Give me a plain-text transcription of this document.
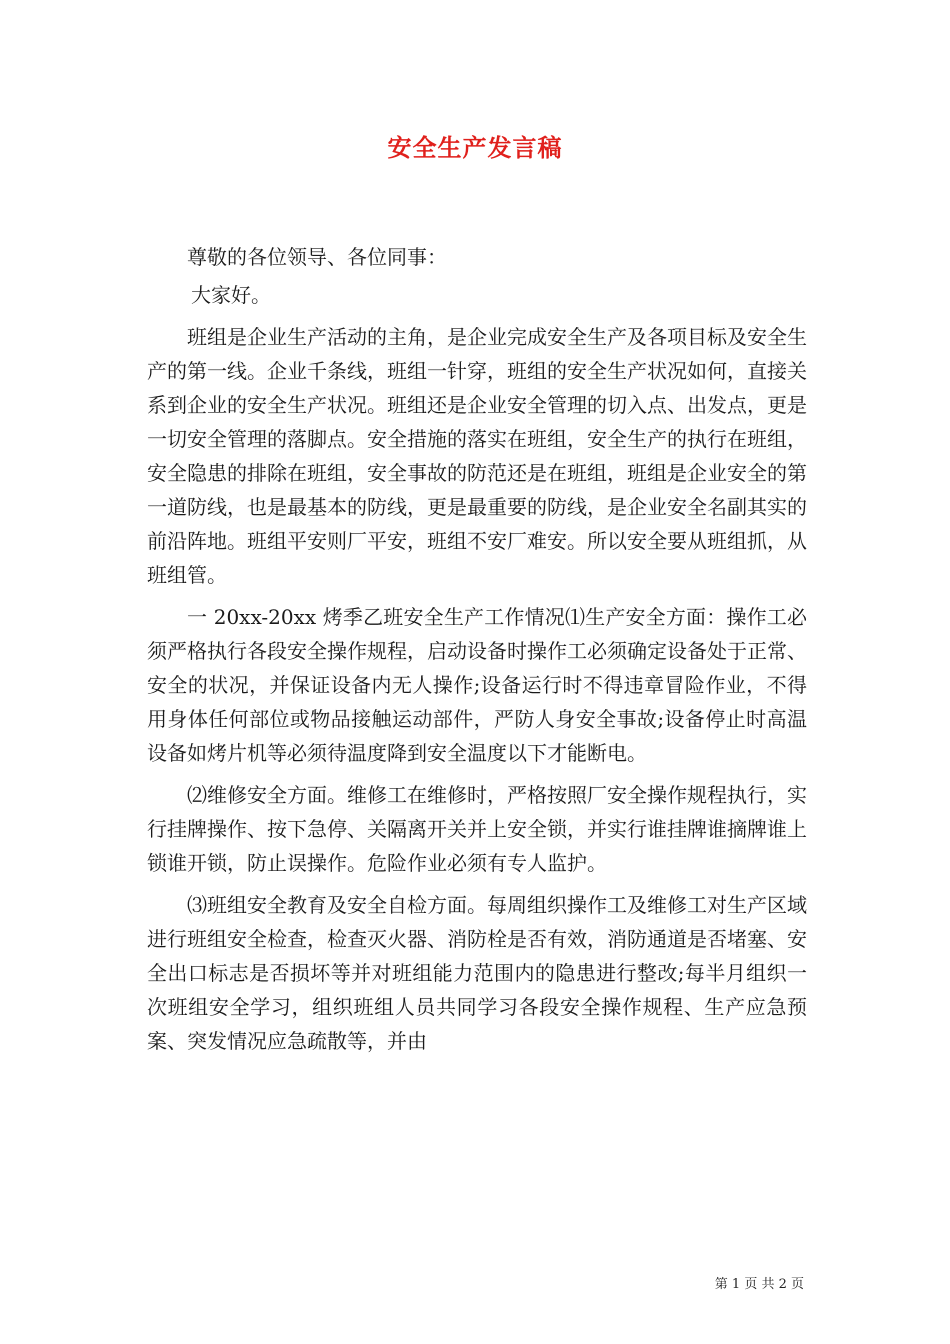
安全生产发言稿

尊敬的各位领导、各位同事：

大家好。

班组是企业生产活动的主角，是企业完成安全生产及各项目标及安全生产的第一线。企业千条线，班组一针穿，班组的安全生产状况如何，直接关系到企业的安全生产状况。班组还是企业安全管理的切入点、出发点，更是一切安全管理的落脚点。安全措施的落实在班组，安全生产的执行在班组，安全隐患的排除在班组，安全事故的防范还是在班组，班组是企业安全的第一道防线，也是最基本的防线，更是最重要的防线，是企业安全名副其实的前沿阵地。班组平安则厂平安，班组不安厂难安。所以安全要从班组抓，从班组管。

一 20xx-20xx 烤季乙班安全生产工作情况⑴生产安全方面：操作工必须严格执行各段安全操作规程，启动设备时操作工必须确定设备处于正常、安全的状况，并保证设备内无人操作;设备运行时不得违章冒险作业，不得用身体任何部位或物品接触运动部件，严防人身安全事故;设备停止时高温设备如烤片机等必须待温度降到安全温度以下才能断电。

⑵维修安全方面。维修工在维修时，严格按照厂安全操作规程执行，实行挂牌操作、按下急停、关隔离开关并上安全锁，并实行谁挂牌谁摘牌谁上锁谁开锁，防止误操作。危险作业必须有专人监护。

⑶班组安全教育及安全自检方面。每周组织操作工及维修工对生产区域进行班组安全检查，检查灭火器、消防栓是否有效，消防通道是否堵塞、安全出口标志是否损坏等并对班组能力范围内的隐患进行整改;每半月组织一次班组安全学习，组织班组人员共同学习各段安全操作规程、生产应急预案、突发情况应急疏散等，并由

第 1 页 共 2 页
